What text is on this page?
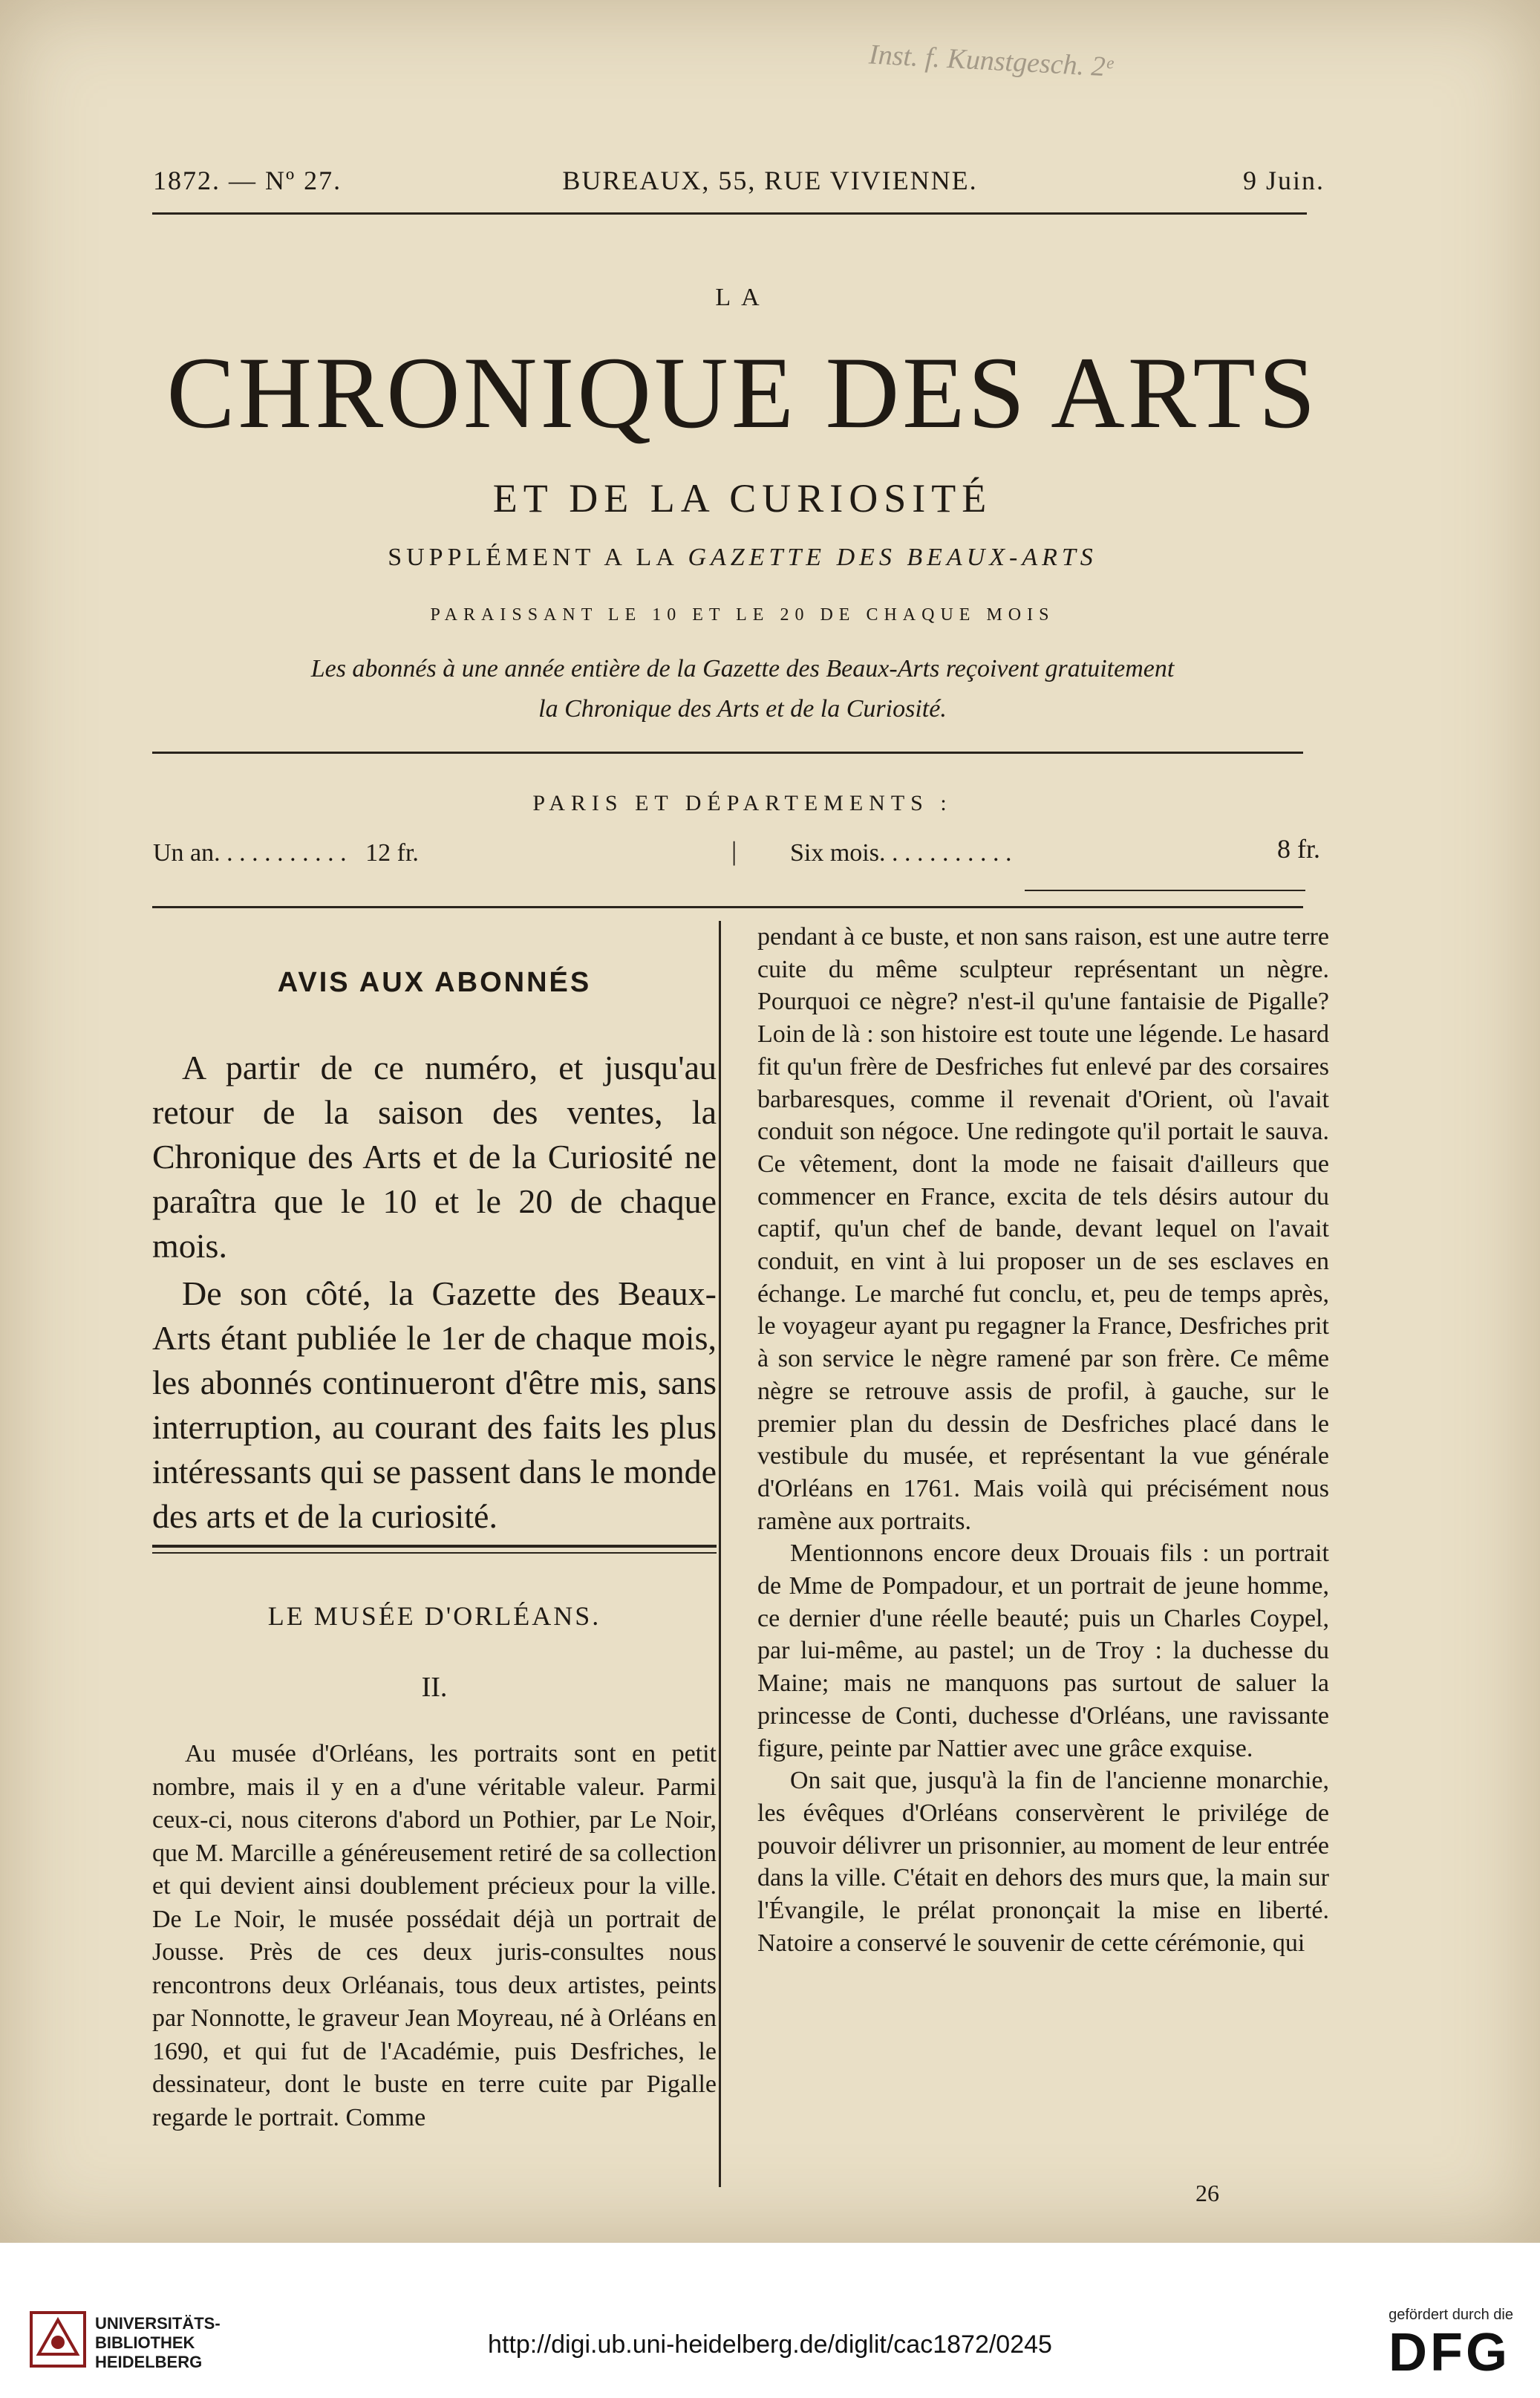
Inst. f. Kunstgesch. 2ᵉ
1872. — Nº 27.	BUREAUX, 55, RUE VIVIENNE.	9 Juin.
LA
CHRONIQUE DES ARTS
ET DE LA CURIOSITÉ
SUPPLÉMENT A LA GAZETTE DES BEAUX-ARTS
PARAISSANT LE 10 ET LE 20 DE CHAQUE MOIS
Les abonnés à une année entière de la Gazette des Beaux-Arts reçoivent gratuitement
la Chronique des Arts et de la Curiosité.
PARIS ET DÉPARTEMENTS :
Un an. . . . . . . . . . . 12 fr.	| Six mois. . . . . . . . . . .	8 fr.
AVIS AUX ABONNÉS

A partir de ce numéro, et jusqu'au retour de la saison des ventes, la Chronique des Arts et de la Curiosité ne paraîtra que le 10 et le 20 de chaque mois.

De son côté, la Gazette des Beaux-Arts étant publiée le 1er de chaque mois, les abonnés continueront d'être mis, sans interruption, au courant des faits les plus intéressants qui se passent dans le monde des arts et de la curiosité.

LE MUSÉE D'ORLÉANS.
II.

Au musée d'Orléans, les portraits sont en petit nombre, mais il y en a d'une véritable valeur. Parmi ceux-ci, nous citerons d'abord un Pothier, par Le Noir, que M. Marcille a généreusement retiré de sa collection et qui devient ainsi doublement précieux pour la ville. De Le Noir, le musée possédait déjà un portrait de Jousse. Près de ces deux juris-consultes nous rencontrons deux Orléanais, tous deux artistes, peints par Nonnotte, le graveur Jean Moyreau, né à Orléans en 1690, et qui fut de l'Académie, puis Desfriches, le dessinateur, dont le buste en terre cuite par Pigalle regarde le portrait. Comme

pendant à ce buste, et non sans raison, est une autre terre cuite du même sculpteur représentant un nègre. Pourquoi ce nègre? n'est-il qu'une fantaisie de Pigalle? Loin de là : son histoire est toute une légende. Le hasard fit qu'un frère de Desfriches fut enlevé par des corsaires barbaresques, comme il revenait d'Orient, où l'avait conduit son négoce. Une redingote qu'il portait le sauva. Ce vêtement, dont la mode ne faisait d'ailleurs que commencer en France, excita de tels désirs autour du captif, qu'un chef de bande, devant lequel on l'avait conduit, en vint à lui proposer un de ses esclaves en échange. Le marché fut conclu, et, peu de temps après, le voyageur ayant pu regagner la France, Desfriches prit à son service le nègre ramené par son frère. Ce même nègre se retrouve assis de profil, à gauche, sur le premier plan du dessin de Desfriches placé dans le vestibule du musée, et représentant la vue générale d'Orléans en 1761. Mais voilà qui précisément nous ramène aux portraits.

Mentionnons encore deux Drouais fils : un portrait de Mme de Pompadour, et un portrait de jeune homme, ce dernier d'une réelle beauté; puis un Charles Coypel, par lui-même, au pastel; un de Troy : la duchesse du Maine; mais ne manquons pas surtout de saluer la princesse de Conti, duchesse d'Orléans, une ravissante figure, peinte par Nattier avec une grâce exquise.

On sait que, jusqu'à la fin de l'ancienne monarchie, les évêques d'Orléans conservèrent le privilége de pouvoir délivrer un prisonnier, au moment de leur entrée dans la ville. C'était en dehors des murs que, la main sur l'Évangile, le prélat prononçait la mise en liberté. Natoire a conservé le souvenir de cette cérémonie, qui

26
UNIVERSITÄTS-
BIBLIOTHEK
HEIDELBERG
http://digi.ub.uni-heidelberg.de/diglit/cac1872/0245
gefördert durch die
DFG
